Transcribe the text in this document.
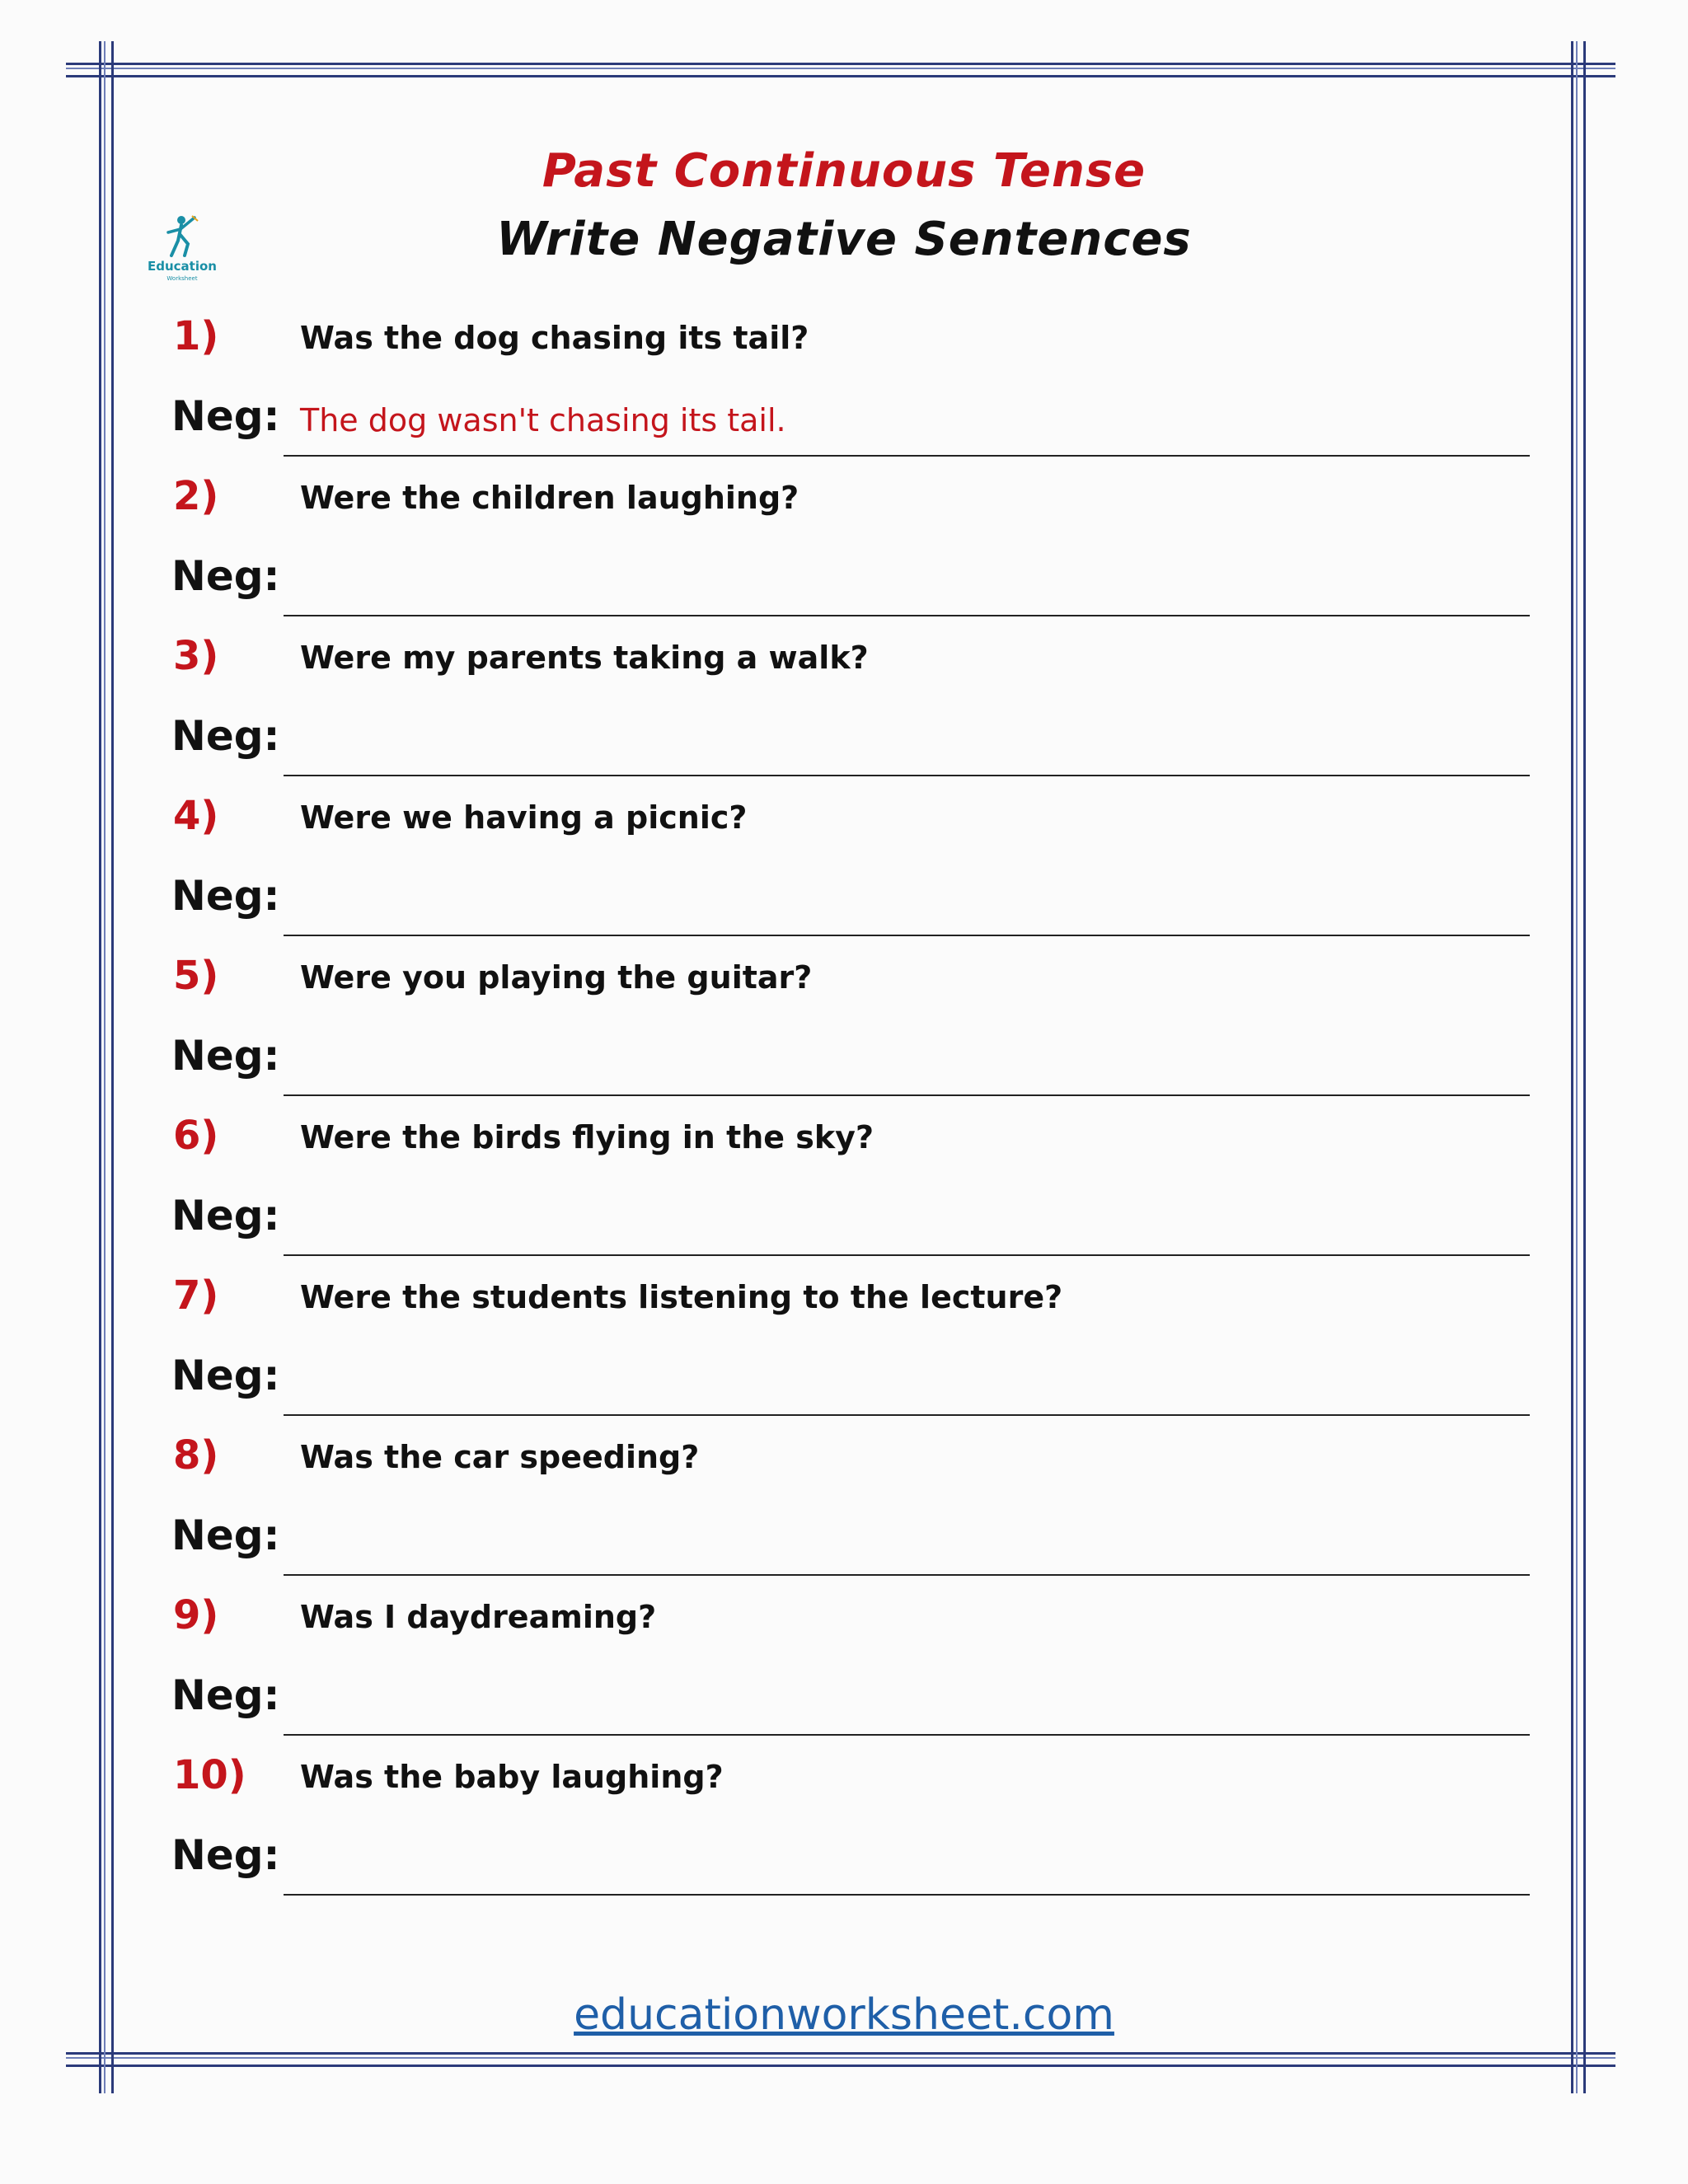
Education
Worksheet
Past Continuous Tense
Write Negative Sentences
1)	Was the dog chasing its tail?
Neg: The dog wasn't chasing its tail.
2)	Were the children laughing?
Neg:
3)	Were my parents taking a walk?
Neg:
4)	Were we having a picnic?
Neg:
5)	Were you playing the guitar?
Neg:
6)	Were the birds flying in the sky?
Neg:
7)	Were the students listening to the lecture?
Neg:
8)	Was the car speeding?
Neg:
9)	Was I daydreaming?
Neg:
10) Was the baby laughing?
Neg:
educationworksheet.com
